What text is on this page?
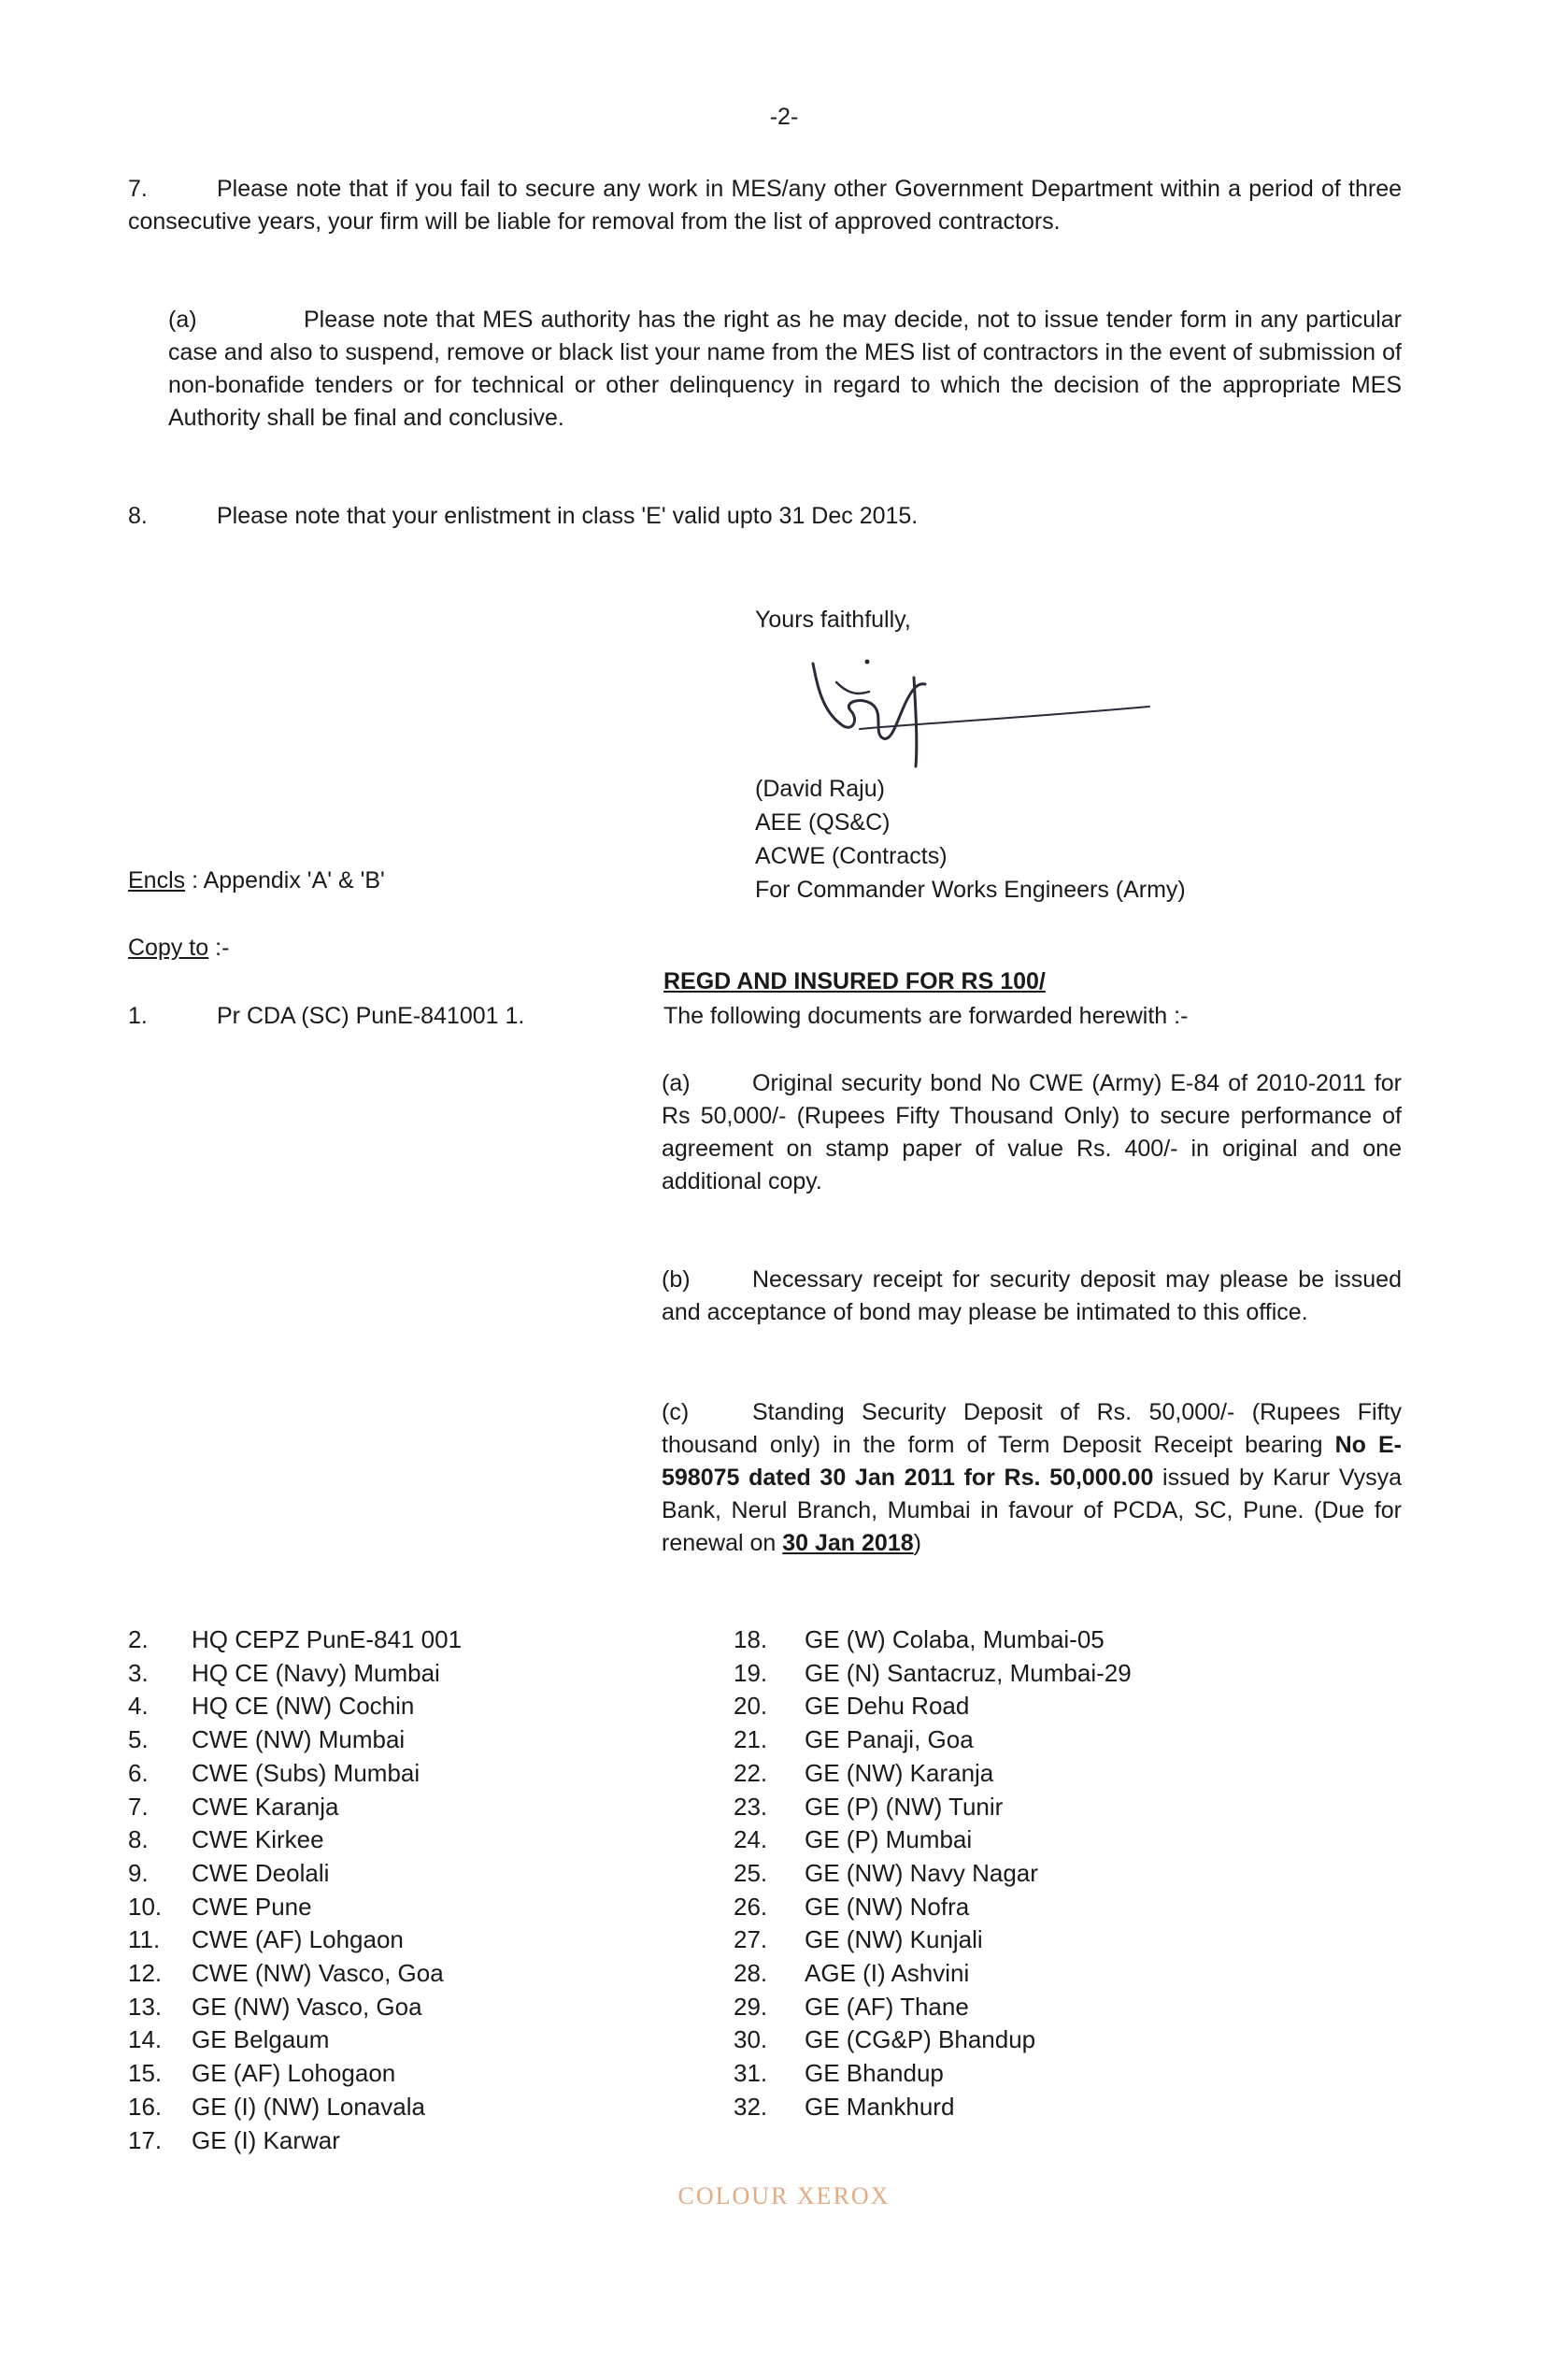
-2-
7.	Please note that if you fail to secure any work in MES/any other Government Department within a period of three consecutive years, your firm will be liable for removal from the list of approved contractors.
(a)	Please note that MES authority has the right as he may decide, not to issue tender form in any particular case and also to suspend, remove or black list your name from the MES list of contractors in the event of submission of non-bonafide tenders or for technical or other delinquency in regard to which the decision of the appropriate MES Authority shall be final and conclusive.
8.	Please note that your enlistment in class 'E' valid upto 31 Dec 2015.
Yours faithfully,
(David Raju)
AEE (QS&C)
ACWE (Contracts)
For Commander Works Engineers (Army)
Encls : Appendix 'A' & 'B'
Copy to :-
1.	Pr CDA (SC) PunE-841001 1.
REGD AND INSURED FOR RS 100/
The following documents are forwarded herewith :-
(a)	Original security bond No CWE (Army) E-84 of 2010-2011 for Rs 50,000/- (Rupees Fifty Thousand Only) to secure performance of agreement on stamp paper of value Rs. 400/- in original and one additional copy.
(b)	Necessary receipt for security deposit may please be issued and acceptance of bond may please be intimated to this office.
(c)	Standing Security Deposit of Rs. 50,000/- (Rupees Fifty thousand only) in the form of Term Deposit Receipt bearing No E-598075 dated 30 Jan 2011 for Rs. 50,000.00 issued by Karur Vysya Bank, Nerul Branch, Mumbai in favour of PCDA, SC, Pune. (Due for renewal on 30 Jan 2018)
2.	HQ CEPZ PunE-841 001
3.	HQ CE (Navy) Mumbai
4.	HQ CE (NW) Cochin
5.	CWE (NW) Mumbai
6.	CWE (Subs) Mumbai
7.	CWE Karanja
8.	CWE Kirkee
9.	CWE Deolali
10.	CWE Pune
11.	CWE (AF) Lohgaon
12.	CWE (NW) Vasco, Goa
13.	GE (NW) Vasco, Goa
14.	GE Belgaum
15.	GE (AF) Lohogaon
16.	GE (I) (NW) Lonavala
17.	GE (I) Karwar
18.	GE (W) Colaba, Mumbai-05
19.	GE (N) Santacruz, Mumbai-29
20.	GE Dehu Road
21.	GE Panaji, Goa
22.	GE (NW) Karanja
23.	GE (P) (NW) Tunir
24.	GE (P) Mumbai
25.	GE (NW) Navy Nagar
26.	GE (NW) Nofra
27.	GE (NW) Kunjali
28.	AGE (I) Ashvini
29.	GE (AF) Thane
30.	GE (CG&P) Bhandup
31.	GE Bhandup
32.	GE Mankhurd
COLOUR XEROX
